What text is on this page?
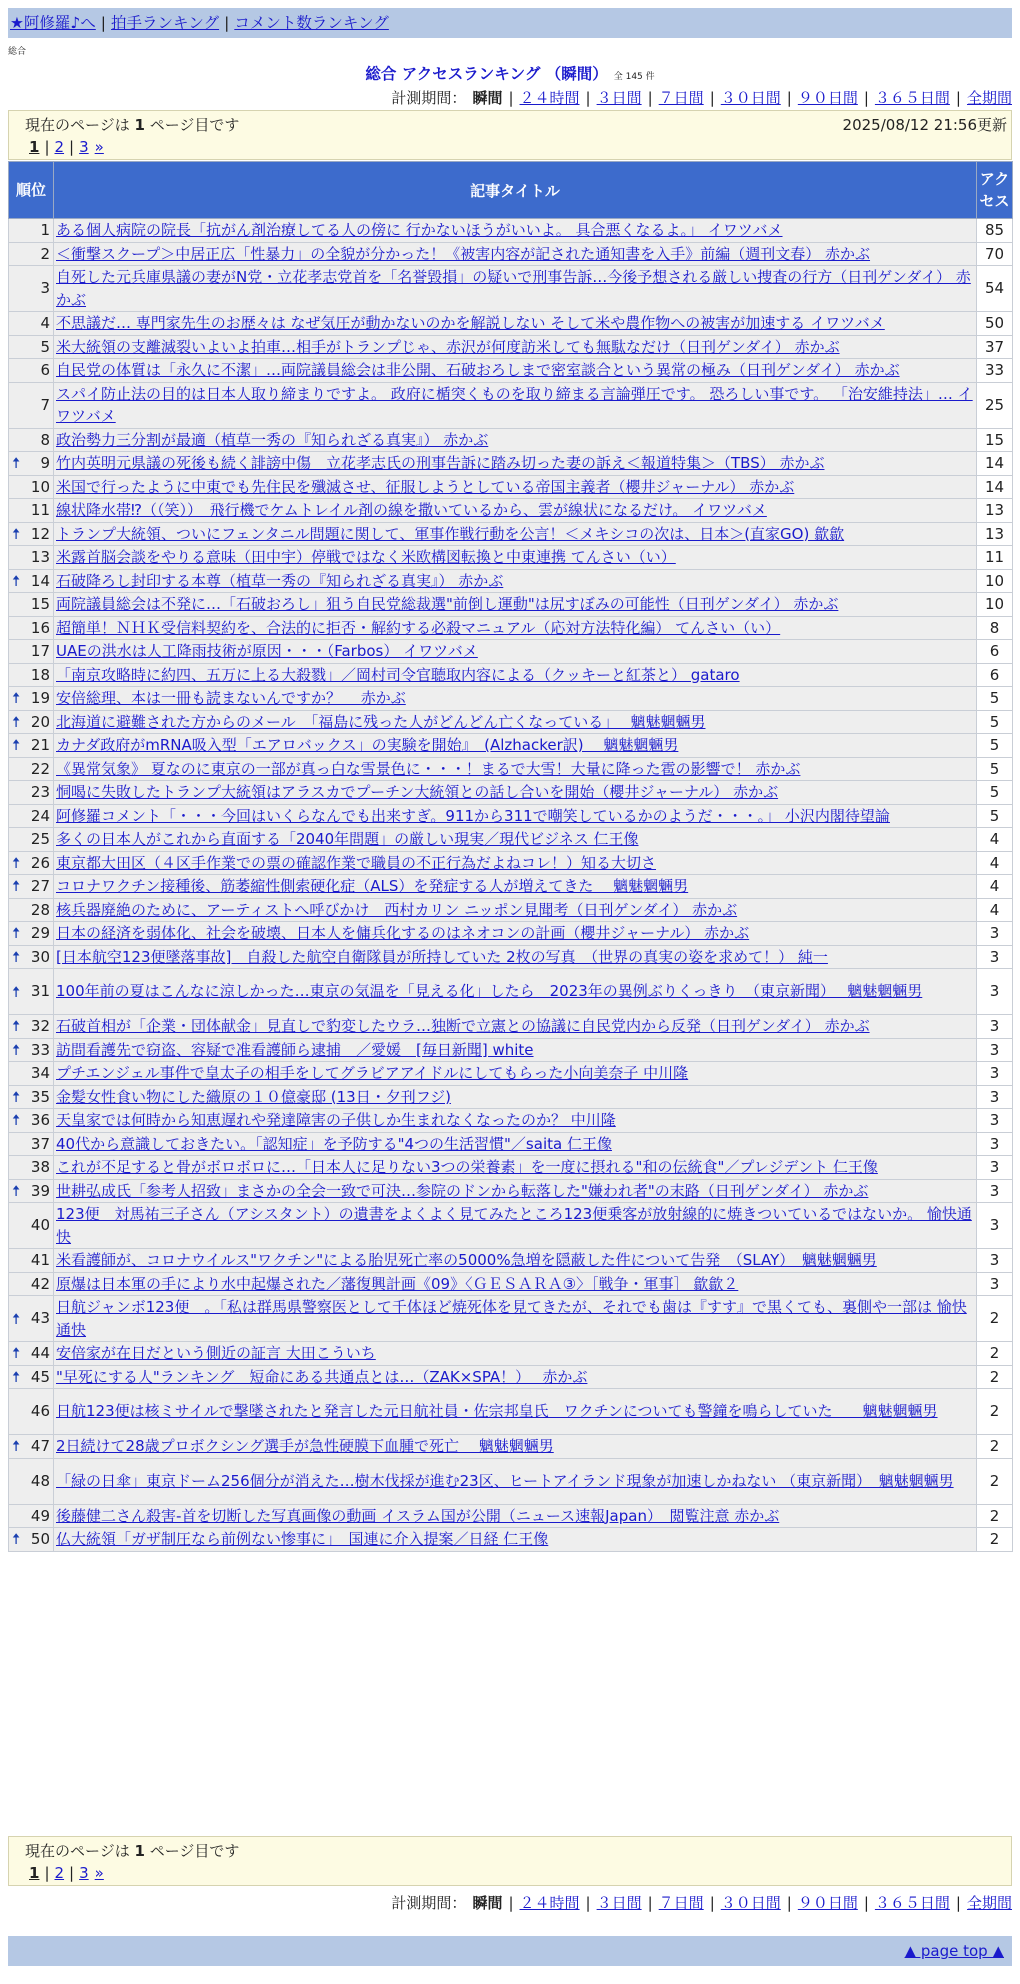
★阿修羅♪へ | 拍手ランキング | コメント数ランキング
総合
総合 アクセスランキング （瞬間） 全 145 件
計測期間： 瞬間 | ２４時間 | ３日間 | ７日間 | ３０日間 | ９０日間 | ３６５日間 | 全期間
現在のページは 1 ページ目です	2025/08/12 21:56更新
1 | 2 | 3 »
順位	記事タイトル	アクセス
1	ある個人病院の院長「抗がん剤治療してる人の傍に 行かないほうがいいよ。 具合悪くなるよ。」 イワツバメ	85
2	＜衝撃スクープ＞中居正広「性暴力」の全貌が分かった！《被害内容が記された通知書を入手》前編（週刊文春） 赤かぶ	70
3	自死した元兵庫県議の妻がN党・立花孝志党首を「名誉毀損」の疑いで刑事告訴…今後予想される厳しい捜査の行方（日刊ゲンダイ） 赤かぶ	54
4	不思議だ… 専門家先生のお歴々は なぜ気圧が動かないのかを解説しない そして米や農作物への被害が加速する イワツバメ	50
5	米大統領の支離滅裂いよいよ拍車…相手がトランプじゃ、赤沢が何度訪米しても無駄なだけ（日刊ゲンダイ） 赤かぶ	37
6	自民党の体質は「永久に不潔」…両院議員総会は非公開、石破おろしまで密室談合という異常の極み（日刊ゲンダイ） 赤かぶ	33
7	スパイ防止法の目的は日本人取り締まりですよ。 政府に楯突くものを取り締まる言論弾圧です。 恐ろしい事です。 「治安維持法」… イワツバメ	25
8	政治勢力三分割が最適（植草一秀の『知られざる真実』） 赤かぶ	15

🠅 9	竹内英明元県議の死後も続く誹謗中傷　立花孝志氏の刑事告訴に踏み切った妻の訴え＜報道特集＞（TBS） 赤かぶ	14
10	米国で行ったように中東でも先住民を殲滅させ、征服しようとしている帝国主義者（櫻井ジャーナル） 赤かぶ	14
11	線状降水帯⁉（（笑））　飛行機でケムトレイル剤の線を撒いているから、雲が線状になるだけ。 イワツバメ	13

🠅 12	トランプ大統領、ついにフェンタニル問題に関して、軍事作戦行動を公言！＜メキシコの次は、日本＞(直家GO) 歙歙	13
13	米露首脳会談をやりる意味（田中宇）停戦ではなく米欧構図転換と中東連携 てんさい（い）	11

🠅 14	石破降ろし封印する本尊（植草一秀の『知られざる真実』） 赤かぶ	10
15	両院議員総会は不発に…「石破おろし」狙う自民党総裁選"前倒し運動"は尻すぼみの可能性（日刊ゲンダイ） 赤かぶ	10
16	超簡単！ＮＨＫ受信料契約を、合法的に拒否・解約する必殺マニュアル（応対方法特化編） てんさい（い）	8
17	UAEの洪水は人工降雨技術が原因・・・（Farbos） イワツバメ	6
18	「南京攻略時に約四、五万に上る大殺戮」／岡村司令官聴取内容による（クッキーと紅茶と） gataro	6

🠅 19	安倍総理、本は一冊も読まないんですか？　 赤かぶ	5

🠅 20	北海道に避難された方からのメール　「福島に残った人がどんどん亡くなっている」　 魑魅魍魎男	5

🠅 21	カナダ政府がmRNA吸入型「エアロバックス」の実験を開始』　(Alzhacker訳)　 魑魅魍魎男	5
22	《異常気象》 夏なのに東京の一部が真っ白な雪景色に・・・！まるで大雪！大量に降った雹の影響で！ 赤かぶ	5
23	恫喝に失敗したトランプ大統領はアラスカでプーチン大統領との話し合いを開始（櫻井ジャーナル） 赤かぶ	5
24	阿修羅コメント「・・・今回はいくらなんでも出来すぎ。911から311で嘲笑しているかのようだ・・・。」 小沢内閣待望論	5
25	多くの日本人がこれから直面する「2040年問題」の厳しい現実／現代ビジネス 仁王像	4

🠅 26	東京都大田区（４区手作業での票の確認作業で職員の不正行為だよねコレ！）知る大切さ	4

🠅 27	コロナワクチン接種後、筋萎縮性側索硬化症（ALS）を発症する人が増えてきた　 魑魅魍魎男	4
28	核兵器廃絶のために、アーティストへ呼びかけ　西村カリン ニッポン見聞考（日刊ゲンダイ） 赤かぶ	4

🠅 29	日本の経済を弱体化、社会を破壊、日本人を傭兵化するのはネオコンの計画（櫻井ジャーナル） 赤かぶ	3

🠅 30	[日本航空123便墜落事故]　自殺した航空自衛隊員が所持していた 2枚の写真　（世界の真実の姿を求めて！） 純一	3

🠅 31	100年前の夏はこんなに涼しかった…東京の気温を「見える化」したら　2023年の異例ぶりくっきり　（東京新聞）　 魑魅魍魎男	3

🠅 32	石破首相が「企業・団体献金」見直しで豹変したウラ…独断で立憲との協議に自民党内から反発（日刊ゲンダイ） 赤かぶ	3

🠅 33	訪問看護先で窃盗、容疑で准看護師ら逮捕　／愛媛　[毎日新聞] white	3
34	プチエンジェル事件で皇太子の相手をしてグラビアアイドルにしてもらった小向美奈子 中川隆	3

🠅 35	金髪女性食い物にした織原の１０億豪邸 (13日・夕刊フジ)	3

🠅 36	天皇家では何時から知恵遅れや発達障害の子供しか生まれなくなったのか？ 中川隆	3
37	40代から意識しておきたい。「認知症」を予防する"4つの生活習慣"／saita 仁王像	3
38	これが不足すると骨がボロボロに…「日本人に足りない3つの栄養素」を一度に摂れる"和の伝統食"／プレジデント 仁王像	3

🠅 39	世耕弘成氏「参考人招致」まさかの全会一致で可決…参院のドンから転落した"嫌われ者"の末路（日刊ゲンダイ） 赤かぶ	3
40	123便　対馬祐三子さん（アシスタント）の遺書をよくよく見てみたところ123便乗客が放射線的に焼きついているではないか。 愉快通快	3
41	米看護師が、コロナウイルス"ワクチン"による胎児死亡率の5000%急増を隠蔽した件について告発　（SLAY）　魑魅魍魎男	3
42	原爆は日本軍の手により水中起爆された／藩復興計画《09》〈ＧＥＳＡＲＡ③〉［戦争・軍事］ 歙歙２	3

🠅 43	日航ジャンボ123便　。「私は群馬県警察医として千体ほど焼死体を見てきたが、それでも歯は『すす』で黒くても、裏側や一部は 愉快通快	2

🠅 44	安倍家が在日だという側近の証言 大田こういち	2

🠅 45	"早死にする人"ランキング　短命にある共通点とは…（ZAK×SPA！）　 赤かぶ	2
46	日航123便は核ミサイルで撃墜されたと発言した元日航社員・佐宗邦皇氏　ワクチンについても警鐘を鳴らしていた　　魑魅魍魎男	2

🠅 47	2日続けて28歳プロボクシング選手が急性硬膜下血腫で死亡　 魑魅魍魎男	2
48	「緑の日傘」東京ドーム256個分が消えた…樹木伐採が進む23区、ヒートアイランド現象が加速しかねない （東京新聞）　魑魅魍魎男	2
49	後藤健二さん殺害-首を切断した写真画像の動画 イスラム国が公開（ニュース速報Japan）　閲覧注意 赤かぶ	2

🠅 50	仏大統領「ガザ制圧なら前例ない惨事に」　国連に介入提案／日経 仁王像	2
現在のページは 1 ページ目です
1 | 2 | 3 »
計測期間： 瞬間 | ２４時間 | ３日間 | ７日間 | ３０日間 | ９０日間 | ３６５日間 | 全期間
▲ page top ▲
